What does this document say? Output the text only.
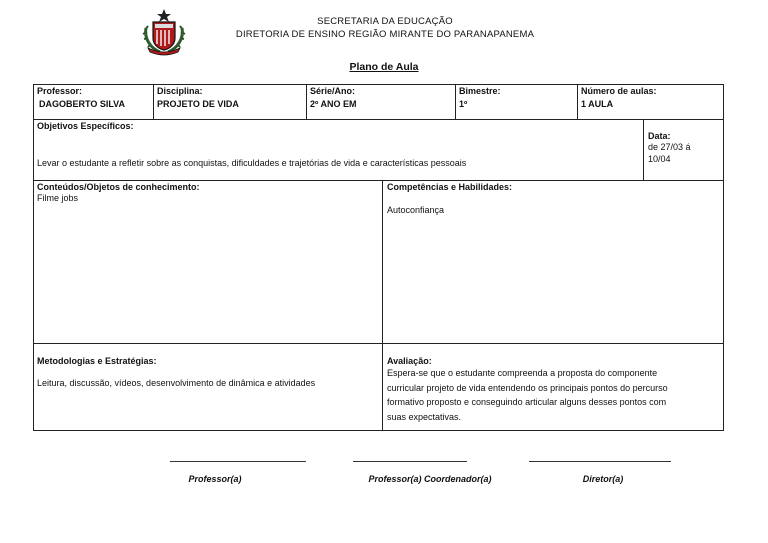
SECRETARIA DA EDUCAÇÃO
DIRETORIA DE ENSINO REGIÃO MIRANTE DO PARANAPANEMA
Plano de Aula
Professor:
DAGOBERTO SILVA
Disciplina:
PROJETO DE VIDA
Série/Ano:
2º ANO EM
Bimestre:
1º
Número de aulas:
1 AULA
Objetivos Específicos:
Levar o estudante a refletir sobre as conquistas, dificuldades e trajetórias de vida e características pessoais
Data:
de 27/03 á
10/04
Conteúdos/Objetos de conhecimento:
Filme jobs
Competências e Habilidades:
Autoconfiança
Metodologias e Estratégias:
Leitura, discussão, vídeos, desenvolvimento de dinâmica e atividades
Avaliação:
Espera-se que o estudante compreenda a proposta do componente
curricular projeto de vida entendendo os principais pontos do percurso
formativo proposto e conseguindo articular alguns desses pontos com
suas expectativas.
Professor(a)	Professor(a) Coordenador(a)	Diretor(a)
